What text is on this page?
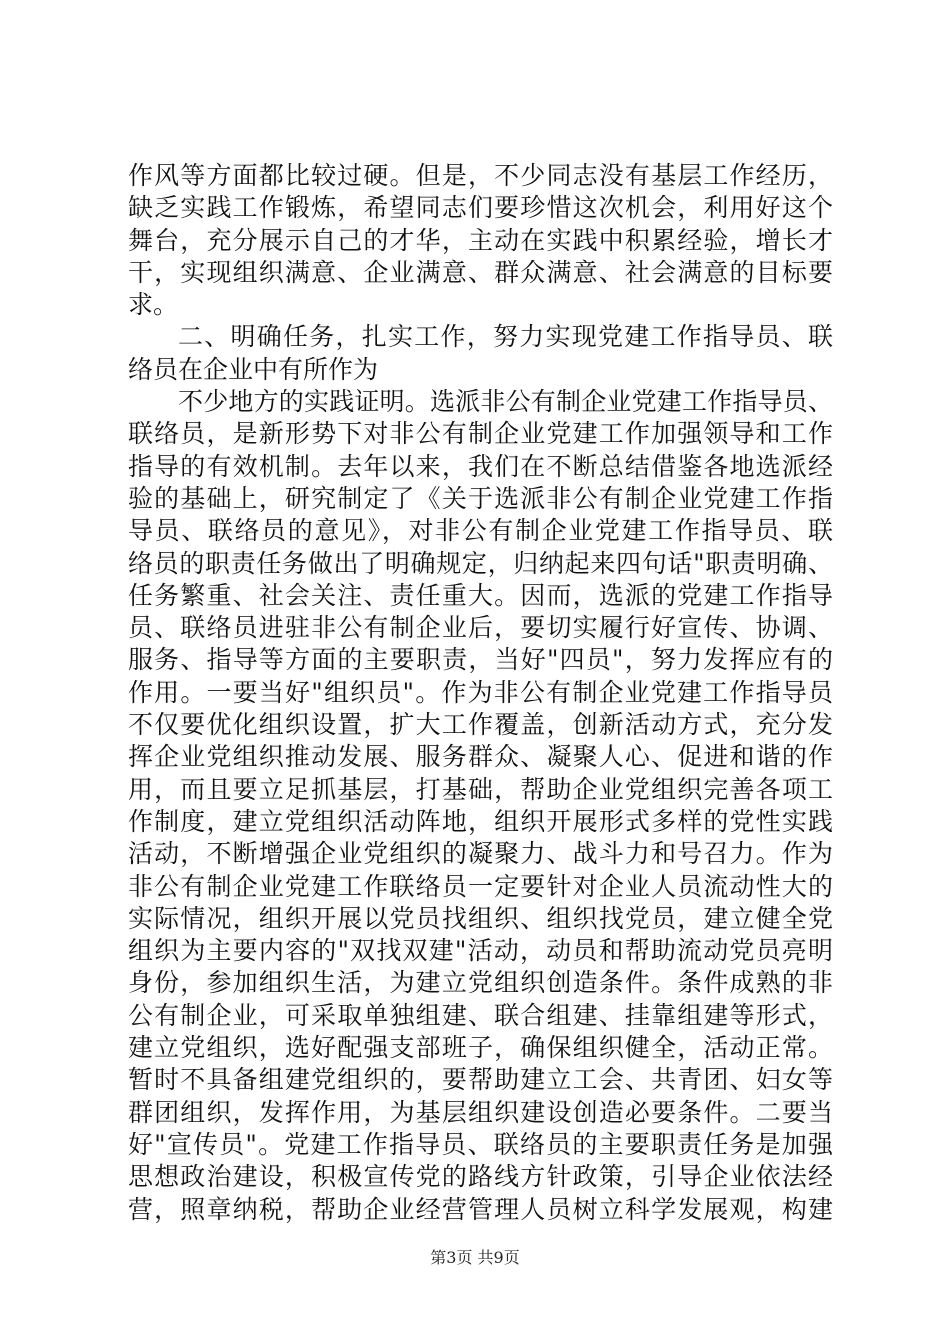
作风等方面都比较过硬。但是，不少同志没有基层工作经历，
缺乏实践工作锻炼，希望同志们要珍惜这次机会，利用好这个
舞台，充分展示自己的才华，主动在实践中积累经验，增长才
干，实现组织满意、企业满意、群众满意、社会满意的目标要
求。
二、明确任务，扎实工作，努力实现党建工作指导员、联
络员在企业中有所作为
不少地方的实践证明。选派非公有制企业党建工作指导员、
联络员，是新形势下对非公有制企业党建工作加强领导和工作
指导的有效机制。去年以来，我们在不断总结借鉴各地选派经
验的基础上，研究制定了《关于选派非公有制企业党建工作指
导员、联络员的意见》，对非公有制企业党建工作指导员、联
络员的职责任务做出了明确规定，归纳起来四句话"职责明确、
任务繁重、社会关注、责任重大。因而，选派的党建工作指导
员、联络员进驻非公有制企业后，要切实履行好宣传、协调、
服务、指导等方面的主要职责，当好"四员"，努力发挥应有的
作用。一要当好"组织员"。作为非公有制企业党建工作指导员
不仅要优化组织设置，扩大工作覆盖，创新活动方式，充分发
挥企业党组织推动发展、服务群众、凝聚人心、促进和谐的作
用，而且要立足抓基层，打基础，帮助企业党组织完善各项工
作制度，建立党组织活动阵地，组织开展形式多样的党性实践
活动，不断增强企业党组织的凝聚力、战斗力和号召力。作为
非公有制企业党建工作联络员一定要针对企业人员流动性大的
实际情况，组织开展以党员找组织、组织找党员，建立健全党
组织为主要内容的"双找双建"活动，动员和帮助流动党员亮明
身份，参加组织生活，为建立党组织创造条件。条件成熟的非
公有制企业，可采取单独组建、联合组建、挂靠组建等形式，
建立党组织，选好配强支部班子，确保组织健全，活动正常。
暂时不具备组建党组织的，要帮助建立工会、共青团、妇女等
群团组织，发挥作用，为基层组织建设创造必要条件。二要当
好"宣传员"。党建工作指导员、联络员的主要职责任务是加强
思想政治建设，积极宣传党的路线方针政策，引导企业依法经
营，照章纳税，帮助企业经营管理人员树立科学发展观，构建
第3页 共9页
